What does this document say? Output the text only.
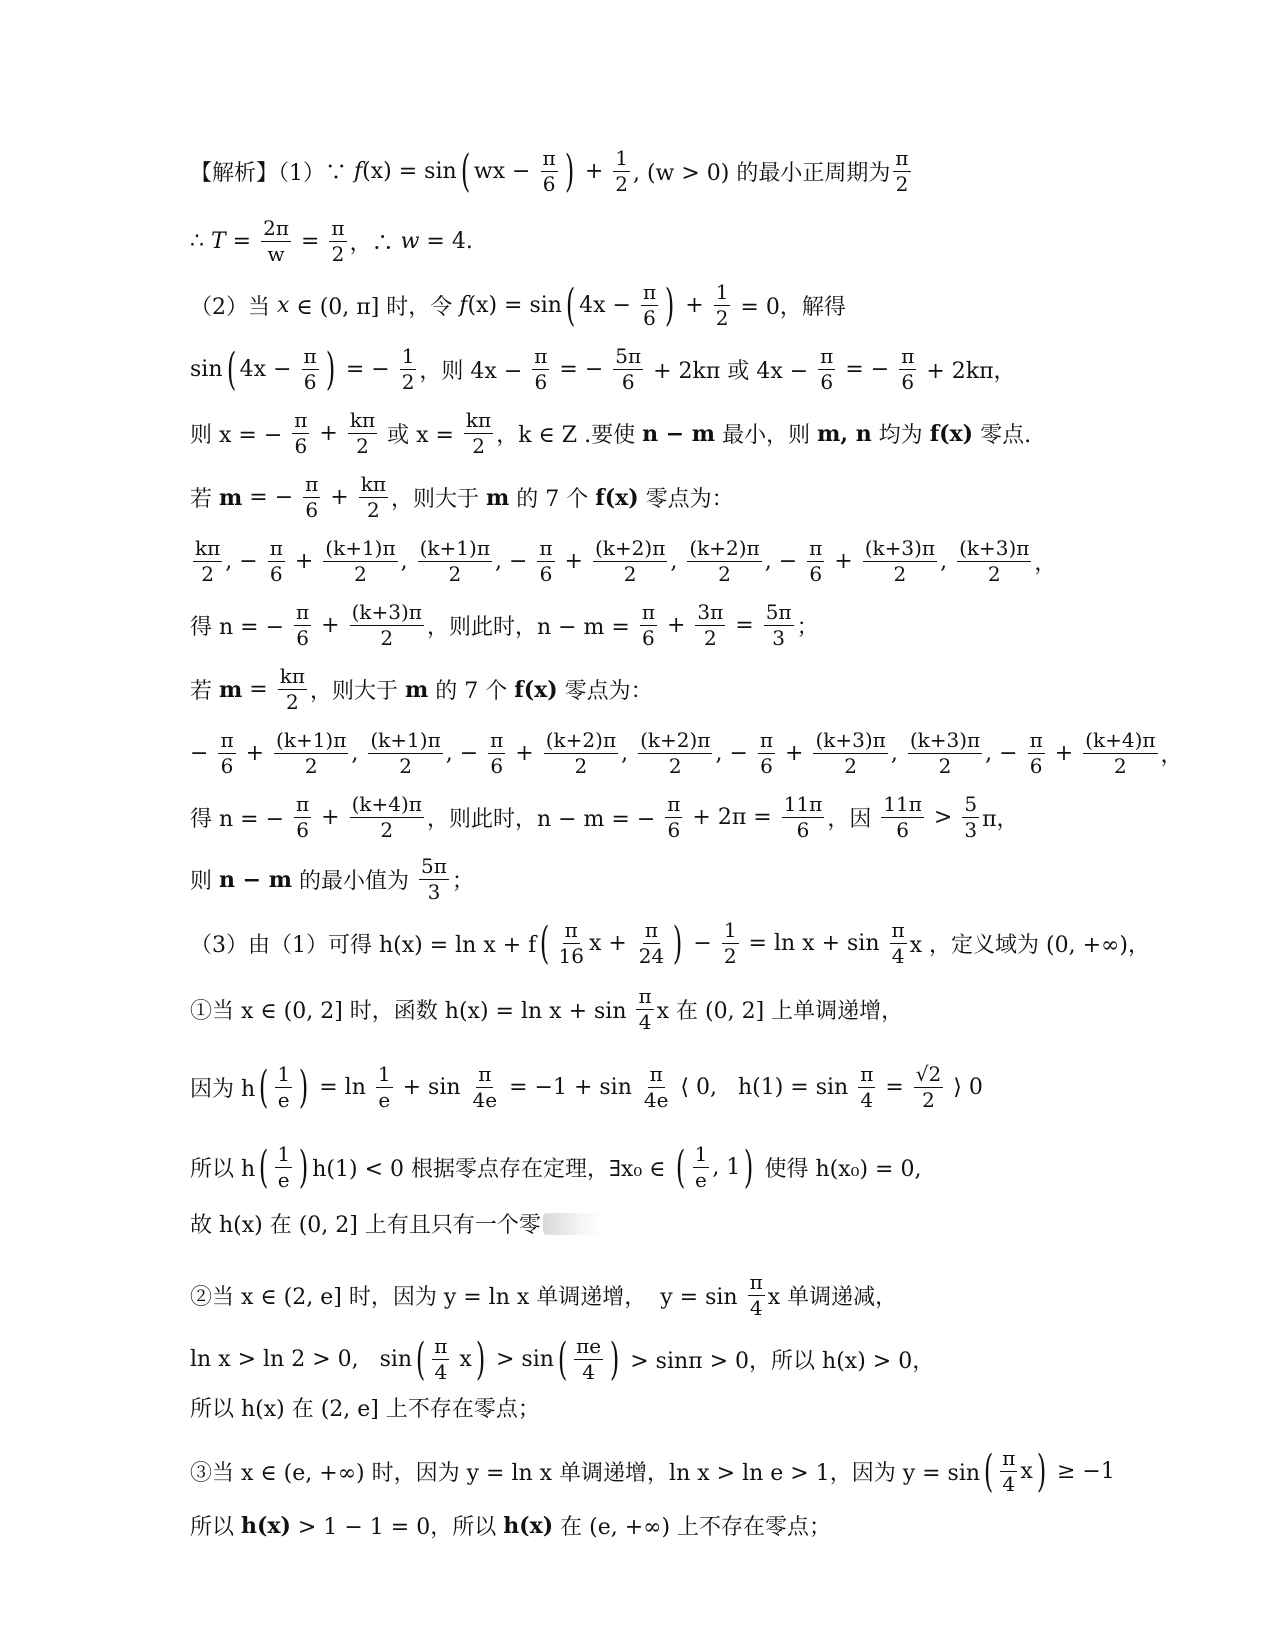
【解析】（1）∵ f (x) = sin ( wx − $\frac{\pi}{6}$ ) + $\frac{1}{2}$ , (w > 0) 的最小正周期为 $\frac{\pi}{2}$
∴ $T = \frac{2\pi}{w} = \frac{\pi}{2}$ ，∴ w = 4.
（2）当 x ∈ (0, π] 时，令 f (x) = sin ( $4x - \frac{\pi}{6}$ ) + $\frac{1}{2} = 0$，解得
sin ( $4x - \frac{\pi}{6}$ ) = − $\frac{1}{2}$ ，则 $4x - \frac{\pi}{6}$ = − $\frac{5\pi}{6} + 2k\pi$ 或 $4x - \frac{\pi}{6}$ = − $\frac{\pi}{6} + 2k\pi$，
则 x = − $\frac{\pi}{6} + \frac{k\pi}{2}$ 或 $x = \frac{k\pi}{2}$ ，k ∈ Z .要使 n − m 最小，则 m, n 均为 f(x) 零点.
若 m = − $\frac{\pi}{6} + \frac{k\pi}{2}$ ，则大于 m 的 7 个 f(x) 零点为：
$\frac{k\pi}{2}$ , − $\frac{\pi}{6} + \frac{(k+1)\pi}{2}$ , $\frac{(k+1)\pi}{2}$ , − $\frac{\pi}{6} + \frac{(k+2)\pi}{2}$ , $\frac{(k+2)\pi}{2}$ , − $\frac{\pi}{6} + \frac{(k+3)\pi}{2}$ , $\frac{(k+3)\pi}{2}$ ，
得 n = − $\frac{\pi}{6} + \frac{(k+3)\pi}{2}$ ，则此时，$n - m = \frac{\pi}{6} + \frac{3\pi}{2} = \frac{5\pi}{3}$ ；
若 $m = \frac{k\pi}{2}$ ，则大于 m 的 7 个 f(x) 零点为：
− $\frac{\pi}{6} + \frac{(k+1)\pi}{2}$ , $\frac{(k+1)\pi}{2}$ , − $\frac{\pi}{6} + \frac{(k+2)\pi}{2}$ , $\frac{(k+2)\pi}{2}$ , − $\frac{\pi}{6} + \frac{(k+3)\pi}{2}$ , $\frac{(k+3)\pi}{2}$ , − $\frac{\pi}{6} + \frac{(k+4)\pi}{2}$ ，
得 n = − $\frac{\pi}{6} + \frac{(k+4)\pi}{2}$ ，则此时，n − m = − $\frac{\pi}{6} + 2\pi = \frac{11\pi}{6}$ ，因 $\frac{11\pi}{6} > \frac{5}{3}$ π，
则 n − m 的最小值为 $\frac{5\pi}{3}$ ；
（3）由（1）可得 h(x) = ln x + f ( $\frac{\pi}{16}$ $x + \frac{\pi}{24}$ ) − $\frac{1}{2} = \ln x + \sin \frac{\pi}{4}$ x ，定义域为 (0, +∞)，
①当 x ∈ (0, 2] 时，函数 $h(x) = \ln x + \sin \frac{\pi}{4}$ x 在 (0, 2] 上单调递增，
因为 h ( $\frac{1}{e}$ ) = $\ln \frac{1}{e} + \sin \frac{\pi}{4e} = -1 + \sin \frac{\pi}{4e}$ ⟨ 0,   $h(1) = \sin \frac{\pi}{4} = \frac{√2}{2}$ ⟩ 0
所以 h ( $\frac{1}{e}$ ) h(1) < 0 根据零点存在定理，∃x₀ ∈ ( $\frac{1}{e}$ , 1 ) 使得 h(x₀) = 0,
故 h(x) 在 (0, 2] 上有且只有一个零
②当 x ∈ (2, e] 时，因为 y = ln x 单调递增，  $y = \sin \frac{\pi}{4}$ x 单调递减，
ln x > ln 2 > 0,   sin ( $\frac{\pi}{4}$ x ) > sin ( $\frac{\pi e}{4}$ ) > sinπ > 0，所以 h(x) > 0，
所以 h(x) 在 (2, e] 上不存在零点；
③当 x ∈ (e, +∞) 时，因为 y = ln x 单调递增，ln x > ln e > 1，因为 y = sin ( $\frac{\pi}{4}$ x ) ≥ −1
所以 h(x) > 1 − 1 = 0，所以 h(x) 在 (e, +∞) 上不存在零点；
